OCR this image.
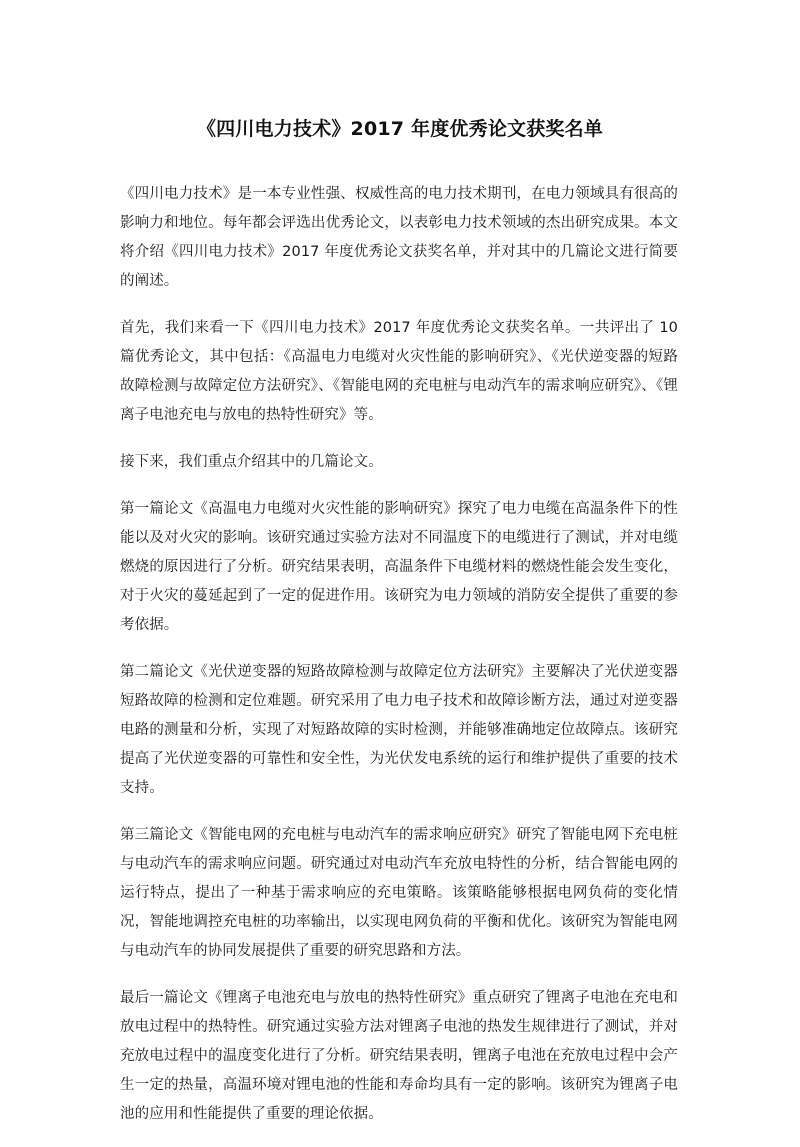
《四川电力技术》2017 年度优秀论文获奖名单

《四川电力技术》是一本专业性强、权威性高的电力技术期刊，在电力领域具有很高的影响力和地位。每年都会评选出优秀论文，以表彰电力技术领域的杰出研究成果。本文将介绍《四川电力技术》2017 年度优秀论文获奖名单，并对其中的几篇论文进行简要的阐述。

首先，我们来看一下《四川电力技术》2017 年度优秀论文获奖名单。一共评出了 10 篇优秀论文，其中包括：《高温电力电缆对火灾性能的影响研究》、《光伏逆变器的短路故障检测与故障定位方法研究》、《智能电网的充电桩与电动汽车的需求响应研究》、《锂离子电池充电与放电的热特性研究》等。

接下来，我们重点介绍其中的几篇论文。

第一篇论文《高温电力电缆对火灾性能的影响研究》探究了电力电缆在高温条件下的性能以及对火灾的影响。该研究通过实验方法对不同温度下的电缆进行了测试，并对电缆燃烧的原因进行了分析。研究结果表明，高温条件下电缆材料的燃烧性能会发生变化，对于火灾的蔓延起到了一定的促进作用。该研究为电力领域的消防安全提供了重要的参考依据。

第二篇论文《光伏逆变器的短路故障检测与故障定位方法研究》主要解决了光伏逆变器短路故障的检测和定位难题。研究采用了电力电子技术和故障诊断方法，通过对逆变器电路的测量和分析，实现了对短路故障的实时检测，并能够准确地定位故障点。该研究提高了光伏逆变器的可靠性和安全性，为光伏发电系统的运行和维护提供了重要的技术支持。

第三篇论文《智能电网的充电桩与电动汽车的需求响应研究》研究了智能电网下充电桩与电动汽车的需求响应问题。研究通过对电动汽车充放电特性的分析，结合智能电网的运行特点，提出了一种基于需求响应的充电策略。该策略能够根据电网负荷的变化情况，智能地调控充电桩的功率输出，以实现电网负荷的平衡和优化。该研究为智能电网与电动汽车的协同发展提供了重要的研究思路和方法。

最后一篇论文《锂离子电池充电与放电的热特性研究》重点研究了锂离子电池在充电和放电过程中的热特性。研究通过实验方法对锂离子电池的热发生规律进行了测试，并对充放电过程中的温度变化进行了分析。研究结果表明，锂离子电池在充放电过程中会产生一定的热量，高温环境对锂电池的性能和寿命均具有一定的影响。该研究为锂离子电池的应用和性能提供了重要的理论依据。
